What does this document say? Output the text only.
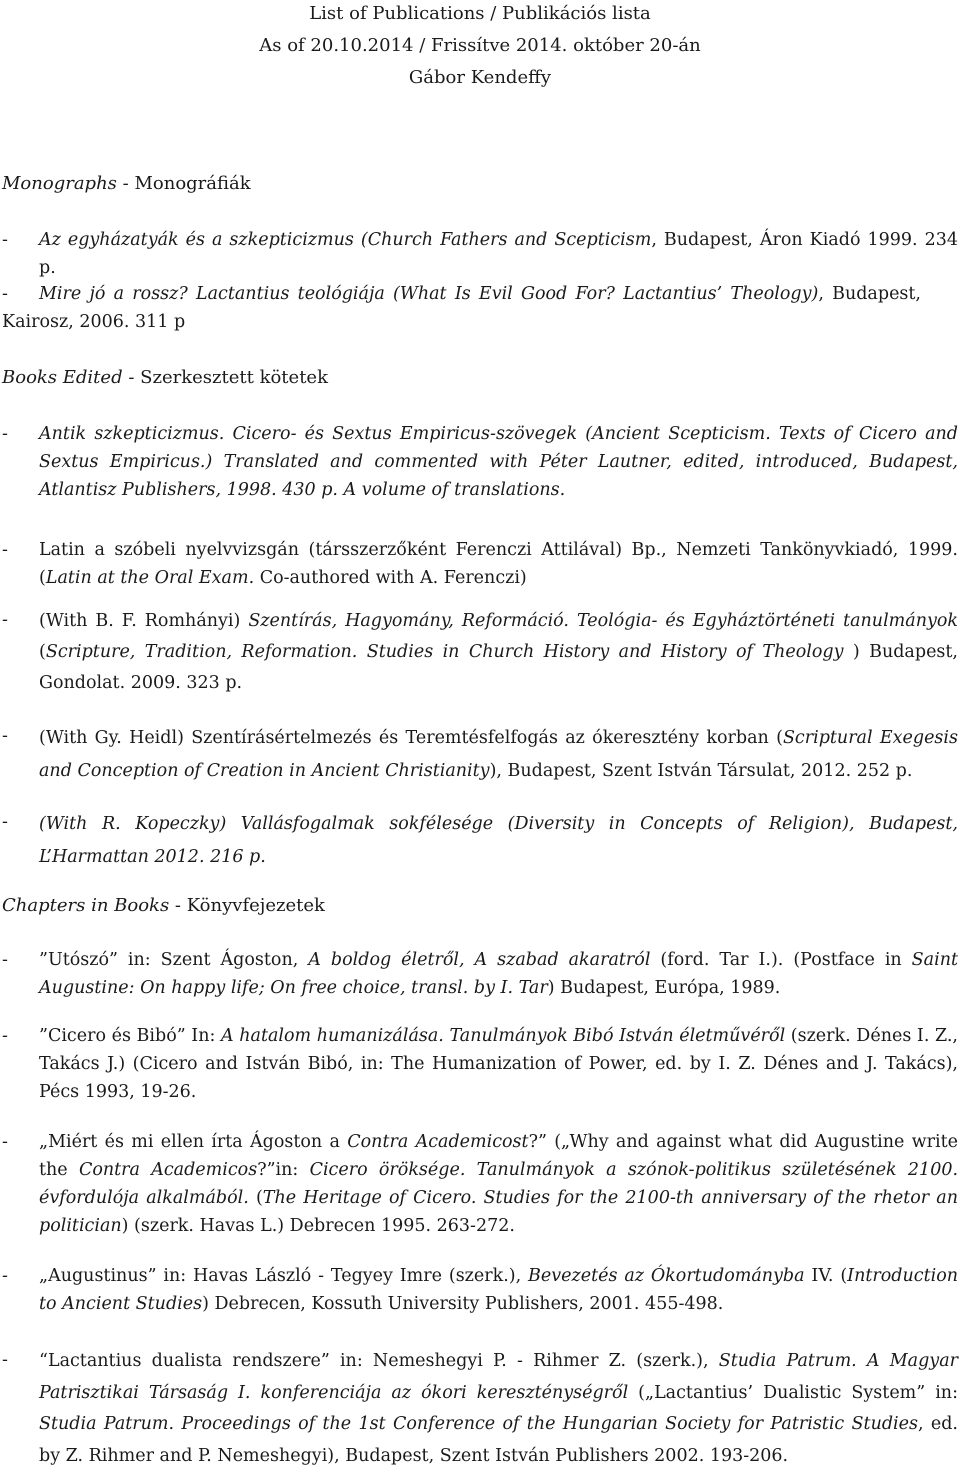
List of Publications / Publikációs lista
As of 20.10.2014 / Frissítve 2014. október 20-án
Gábor Kendeffy
Monographs - Monográfiák
-	Az egyházatyák és a szkepticizmus (Church Fathers and Scepticism, Budapest, Áron Kiadó 1999. 234 p.
-	Mire jó a rossz? Lactantius teológiája (What Is Evil Good For? Lactantius’ Theology), Budapest, Kairosz, 2006. 311 p
Books Edited - Szerkesztett kötetek
-	Antik szkepticizmus. Cicero- és Sextus Empiricus-szövegek (Ancient Scepticism. Texts of Cicero and Sextus Empiricus.) Translated and commented with Péter Lautner, edited, introduced, Budapest, Atlantisz Publishers, 1998. 430 p. A volume of translations.
-	Latin a szóbeli nyelvvizsgán (társszerzőként Ferenczi Attilával) Bp., Nemzeti Tankönyvkiadó, 1999. (Latin at the Oral Exam. Co-authored with A. Ferenczi)
-	(With B. F. Romhányi) Szentírás, Hagyomány, Reformáció. Teológia- és Egyháztörténeti tanulmányok (Scripture, Tradition, Reformation. Studies in Church History and History of Theology ) Budapest, Gondolat. 2009. 323 p.
-	(With Gy. Heidl) Szentírásértelmezés és Teremtésfelfogás az ókeresztény korban (Scriptural Exegesis and Conception of Creation in Ancient Christianity), Budapest, Szent István Társulat, 2012. 252 p.
-	(With R. Kopeczky) Vallásfogalmak sokfélesége (Diversity in Concepts of Religion), Budapest, L’Harmattan 2012. 216 p.
Chapters in Books - Könyvfejezetek
-	”Utószó” in: Szent Ágoston, A boldog életről, A szabad akaratról (ford. Tar I.). (Postface in Saint Augustine: On happy life; On free choice, transl. by I. Tar) Budapest, Európa, 1989.
-	”Cicero és Bibó” In: A hatalom humanizálása. Tanulmányok Bibó István életművéről (szerk. Dénes I. Z., Takács J.) (Cicero and István Bibó, in: The Humanization of Power, ed. by I. Z. Dénes and J. Takács), Pécs 1993, 19-26.
-	„Miért és mi ellen írta Ágoston a Contra Academicost?” („Why and against what did Augustine write the Contra Academicos?”in: Cicero öröksége. Tanulmányok a szónok-politikus születésének 2100. évfordulója alkalmából. (The Heritage of Cicero. Studies for the 2100-th anniversary of the rhetor an politician) (szerk. Havas L.) Debrecen 1995. 263-272.
-	„Augustinus” in: Havas László - Tegyey Imre (szerk.), Bevezetés az Ókortudományba IV. (Introduction to Ancient Studies) Debrecen, Kossuth University Publishers, 2001. 455-498.
-	“Lactantius dualista rendszere” in: Nemeshegyi P. - Rihmer Z. (szerk.), Studia Patrum. A Magyar Patrisztikai Társaság I. konferenciája az ókori kereszténységről („Lactantius’ Dualistic System” in: Studia Patrum. Proceedings of the 1st Conference of the Hungarian Society for Patristic Studies, ed. by Z. Rihmer and P. Nemeshegyi), Budapest, Szent István Publishers 2002. 193-206.
